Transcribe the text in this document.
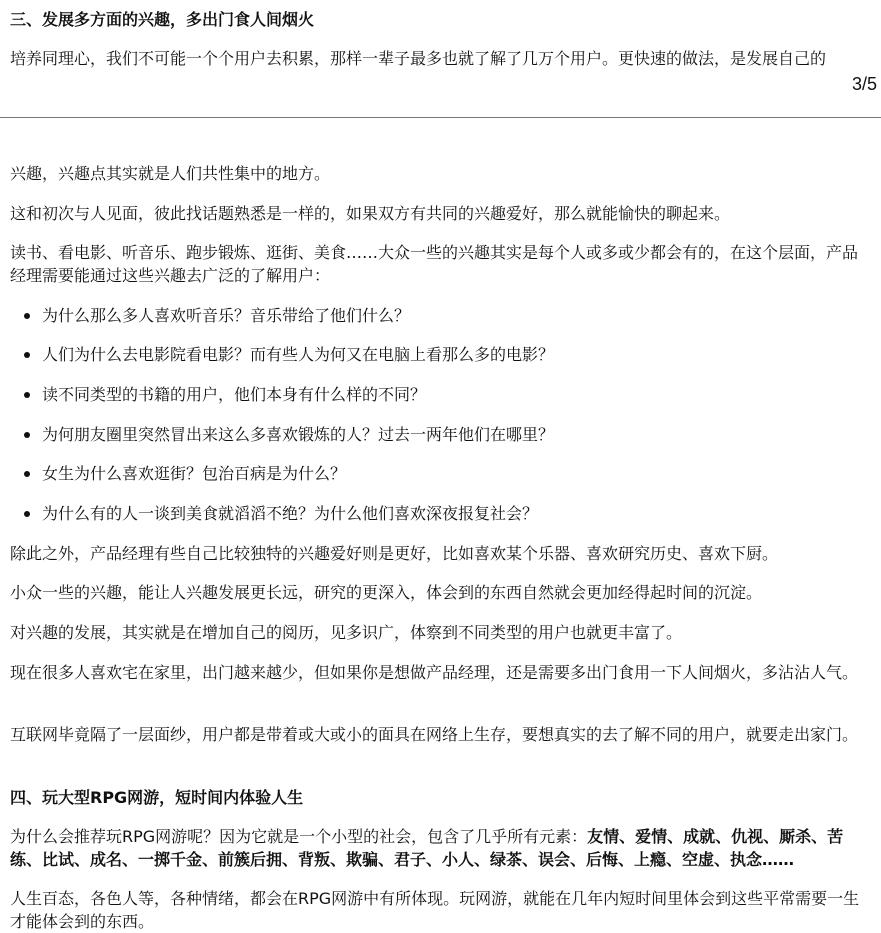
三、发展多方面的兴趣，多出门食人间烟火
培养同理心，我们不可能一个个用户去积累，那样一辈子最多也就了解了几万个用户。更快速的做法，是发展自己的
3/5
兴趣，兴趣点其实就是人们共性集中的地方。
这和初次与人见面，彼此找话题熟悉是一样的，如果双方有共同的兴趣爱好，那么就能愉快的聊起来。
读书、看电影、听音乐、跑步锻炼、逛街、美食……大众一些的兴趣其实是每个人或多或少都会有的，在这个层面，产品经理需要能通过这些兴趣去广泛的了解用户：
为什么那么多人喜欢听音乐？音乐带给了他们什么？
人们为什么去电影院看电影？而有些人为何又在电脑上看那么多的电影？
读不同类型的书籍的用户，他们本身有什么样的不同？
为何朋友圈里突然冒出来这么多喜欢锻炼的人？过去一两年他们在哪里？
女生为什么喜欢逛街？包治百病是为什么？
为什么有的人一谈到美食就滔滔不绝？为什么他们喜欢深夜报复社会？
除此之外，产品经理有些自己比较独特的兴趣爱好则是更好，比如喜欢某个乐器、喜欢研究历史、喜欢下厨。
小众一些的兴趣，能让人兴趣发展更长远，研究的更深入，体会到的东西自然就会更加经得起时间的沉淀。
对兴趣的发展，其实就是在增加自己的阅历，见多识广，体察到不同类型的用户也就更丰富了。
现在很多人喜欢宅在家里，出门越来越少，但如果你是想做产品经理，还是需要多出门食用一下人间烟火，多沾沾人气。
互联网毕竟隔了一层面纱，用户都是带着或大或小的面具在网络上生存，要想真实的去了解不同的用户，就要走出家门。
四、玩大型RPG网游，短时间内体验人生
为什么会推荐玩RPG网游呢？因为它就是一个小型的社会，包含了几乎所有元素：友情、爱情、成就、仇视、厮杀、苦练、比试、成名、一掷千金、前簇后拥、背叛、欺骗、君子、小人、绿茶、误会、后悔、上瘾、空虚、执念……
人生百态，各色人等，各种情绪，都会在RPG网游中有所体现。玩网游，就能在几年内短时间里体会到这些平常需要一生才能体会到的东西。
